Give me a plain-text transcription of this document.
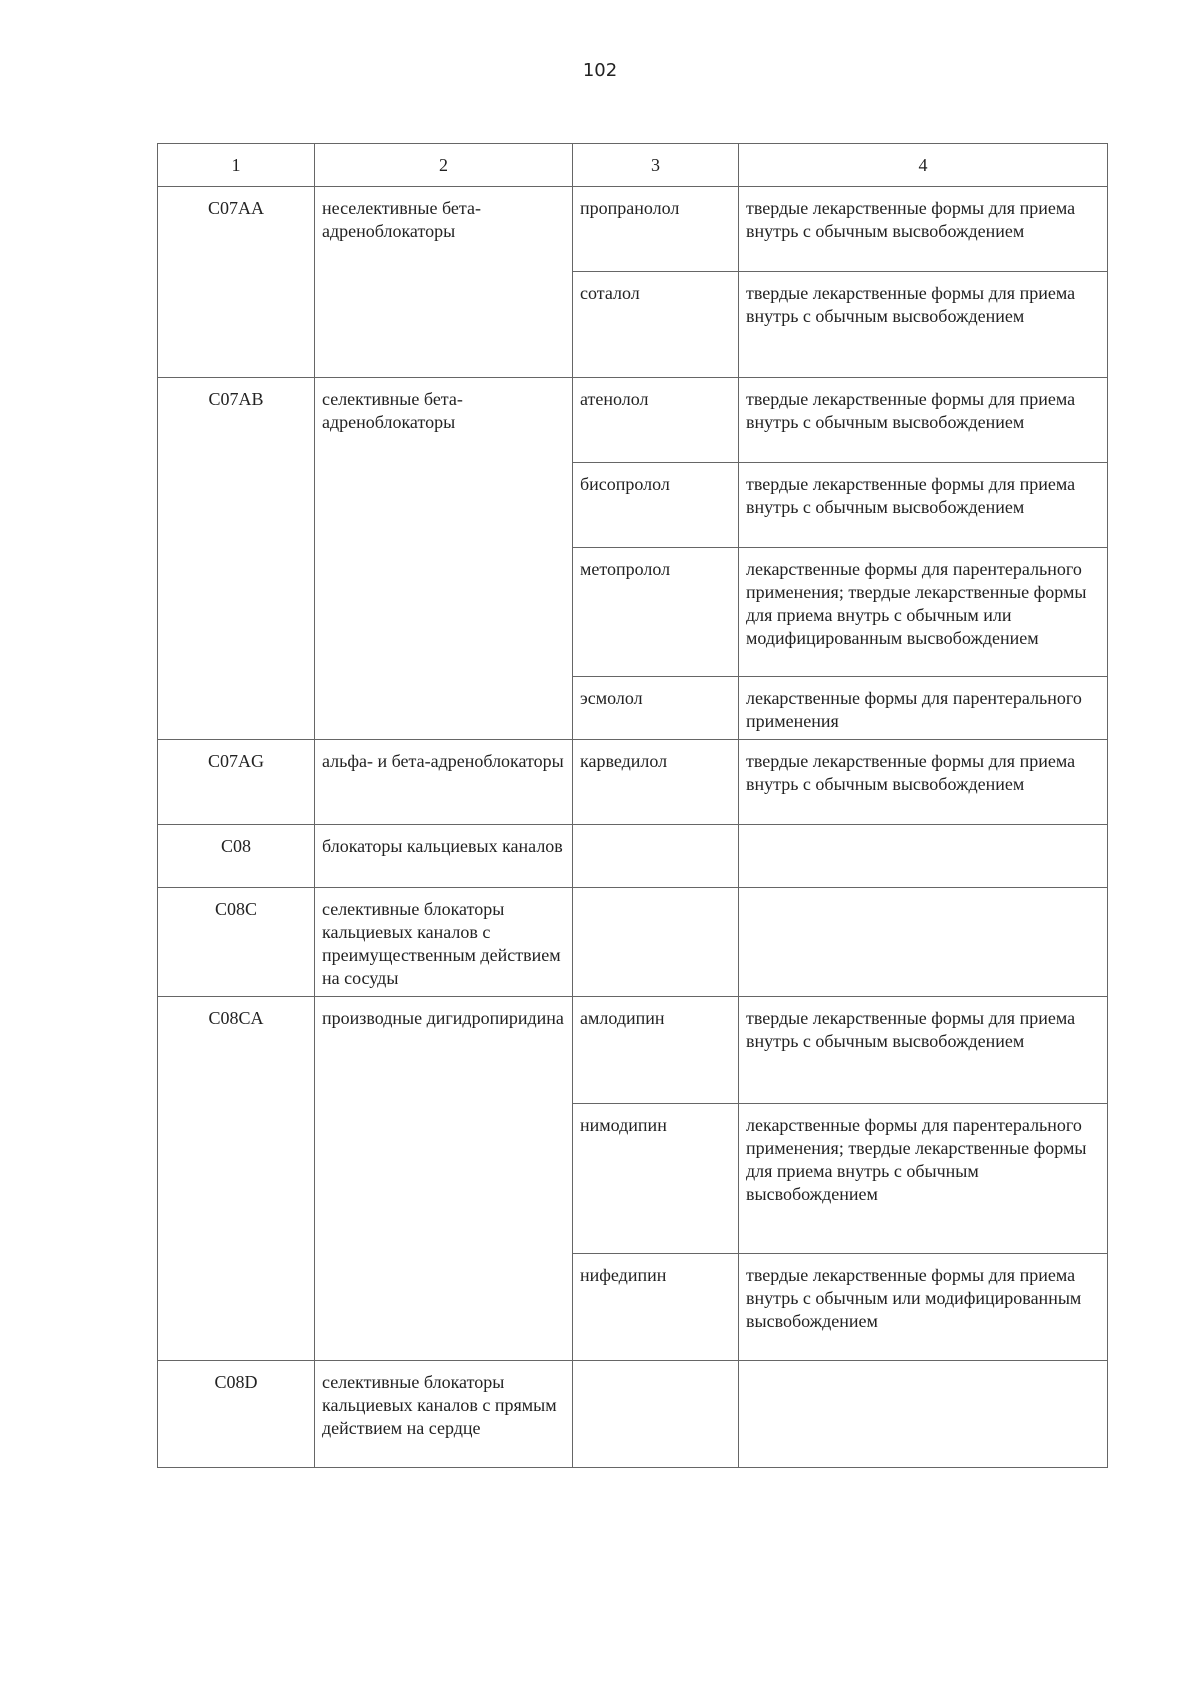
102
1	2	3	4
C07AA	неселективные бета-адреноблокаторы	пропранолол	твердые лекарственные формы для приема внутрь с обычным высвобождением
		соталол	твердые лекарственные формы для приема внутрь с обычным высвобождением
C07AB	селективные бета-адреноблокаторы	атенолол	твердые лекарственные формы для приема внутрь с обычным высвобождением
		бисопролол	твердые лекарственные формы для приема внутрь с обычным высвобождением
		метопролол	лекарственные формы для парентерального применения; твердые лекарственные формы для приема внутрь с обычным или модифицированным высвобождением
		эсмолол	лекарственные формы для парентерального применения
C07AG	альфа- и бета-адреноблокаторы	карведилол	твердые лекарственные формы для приема внутрь с обычным высвобождением
C08	блокаторы кальциевых каналов		
C08C	селективные блокаторы кальциевых каналов с преимущественным действием на сосуды		
C08CA	производные дигидропиридина	амлодипин	твердые лекарственные формы для приема внутрь с обычным высвобождением
		нимодипин	лекарственные формы для парентерального применения; твердые лекарственные формы для приема внутрь с обычным высвобождением
		нифедипин	твердые лекарственные формы для приема внутрь с обычным или модифицированным высвобождением
C08D	селективные блокаторы кальциевых каналов с прямым действием на сердце		
